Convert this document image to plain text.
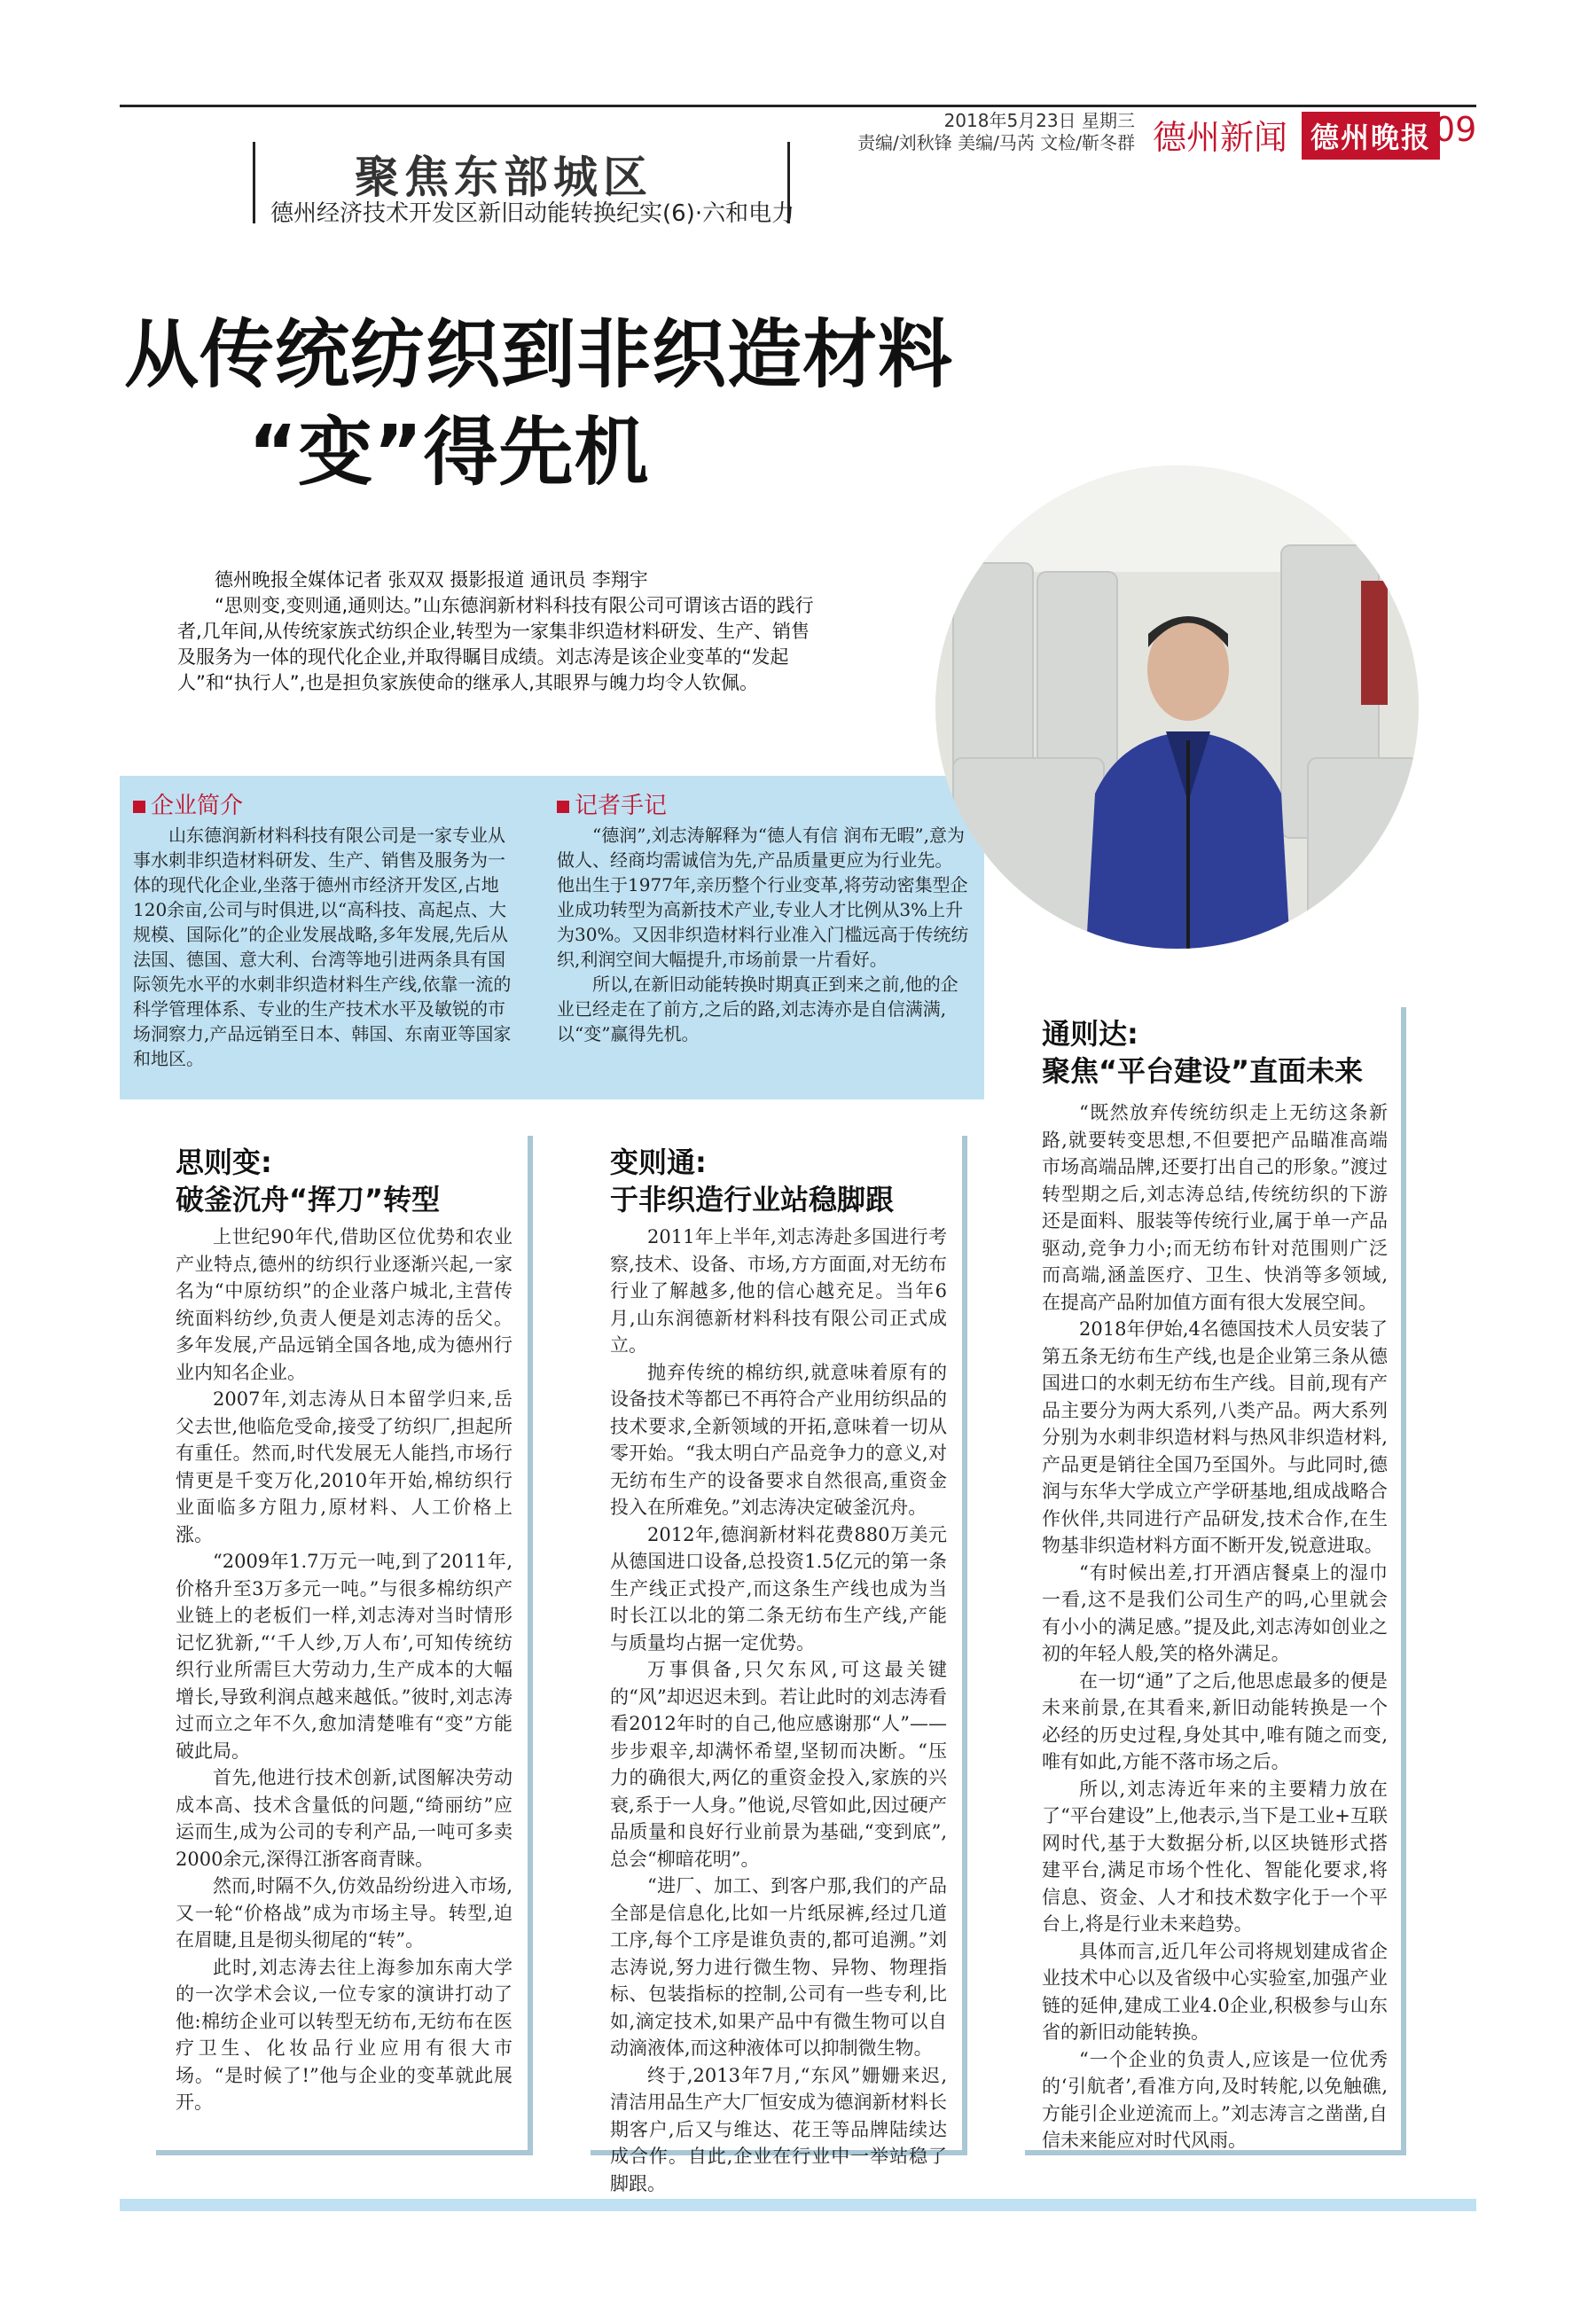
2018年5月23日 星期三
责编/刘秋锋 美编/马芮 文检/靳冬群 德州新闻 德州晚报 09
聚焦东部城区
德州经济技术开发区新旧动能转换纪实(6)·六和电力
从传统纺织到非织造材料
“变”得先机

德州晚报全媒体记者 张双双 摄影报道 通讯员 李翔宇

“思则变,变则通,通则达。”山东德润新材料科技有限公司可谓该古语的践行者,几年间,从传统家族式纺织企业,转型为一家集非织造材料研发、生产、销售及服务为一体的现代化企业,并取得瞩目成绩。刘志涛是该企业变革的“发起人”和“执行人”,也是担负家族使命的继承人,其眼界与魄力均令人钦佩。

企业简介

山东德润新材料科技有限公司是一家专业从事水刺非织造材料研发、生产、销售及服务为一体的现代化企业,坐落于德州市经济开发区,占地120余亩,公司与时俱进,以“高科技、高起点、大规模、国际化”的企业发展战略,多年发展,先后从法国、德国、意大利、台湾等地引进两条具有国际领先水平的水刺非织造材料生产线,依靠一流的科学管理体系、专业的生产技术水平及敏锐的市场洞察力,产品远销至日本、韩国、东南亚等国家和地区。

记者手记

“德润”,刘志涛解释为“德人有信 润布无暇”,意为做人、经商均需诚信为先,产品质量更应为行业先。他出生于1977年,亲历整个行业变革,将劳动密集型企业成功转型为高新技术产业,专业人才比例从3%上升为30%。又因非织造材料行业准入门槛远高于传统纺织,利润空间大幅提升,市场前景一片看好。

所以,在新旧动能转换时期真正到来之前,他的企业已经走在了前方,之后的路,刘志涛亦是自信满满,以“变”赢得先机。

思则变:
破釜沉舟“挥刀”转型

上世纪90年代,借助区位优势和农业产业特点,德州的纺织行业逐渐兴起,一家名为“中原纺织”的企业落户城北,主营传统面料纺纱,负责人便是刘志涛的岳父。多年发展,产品远销全国各地,成为德州行业内知名企业。

2007年,刘志涛从日本留学归来,岳父去世,他临危受命,接受了纺织厂,担起所有重任。然而,时代发展无人能挡,市场行情更是千变万化,2010年开始,棉纺织行业面临多方阻力,原材料、人工价格上涨。

“2009年1.7万元一吨,到了2011年,价格升至3万多元一吨。”与很多棉纺织产业链上的老板们一样,刘志涛对当时情形记忆犹新,“‘千人纱,万人布’,可知传统纺织行业所需巨大劳动力,生产成本的大幅增长,导致利润点越来越低。”彼时,刘志涛过而立之年不久,愈加清楚唯有“变”方能破此局。

首先,他进行技术创新,试图解决劳动成本高、技术含量低的问题,“绮丽纺”应运而生,成为公司的专利产品,一吨可多卖2000余元,深得江浙客商青睐。

然而,时隔不久,仿效品纷纷进入市场,又一轮“价格战”成为市场主导。转型,迫在眉睫,且是彻头彻尾的“转”。

此时,刘志涛去往上海参加东南大学的一次学术会议,一位专家的演讲打动了他:棉纺企业可以转型无纺布,无纺布在医疗卫生、化妆品行业应用有很大市场。“是时候了!”他与企业的变革就此展开。

变则通:
于非织造行业站稳脚跟

2011年上半年,刘志涛赴多国进行考察,技术、设备、市场,方方面面,对无纺布行业了解越多,他的信心越充足。当年6月,山东润德新材料科技有限公司正式成立。

抛弃传统的棉纺织,就意味着原有的设备技术等都已不再符合产业用纺织品的技术要求,全新领域的开拓,意味着一切从零开始。“我太明白产品竞争力的意义,对无纺布生产的设备要求自然很高,重资金投入在所难免。”刘志涛决定破釜沉舟。

2012年,德润新材料花费880万美元从德国进口设备,总投资1.5亿元的第一条生产线正式投产,而这条生产线也成为当时长江以北的第二条无纺布生产线,产能与质量均占据一定优势。

万事俱备,只欠东风,可这最关键的“风”却迟迟未到。若让此时的刘志涛看看2012年时的自己,他应感谢那“人”——步步艰辛,却满怀希望,坚韧而决断。“压力的确很大,两亿的重资金投入,家族的兴衰,系于一人身。”他说,尽管如此,因过硬产品质量和良好行业前景为基础,“变到底”,总会“柳暗花明”。

“进厂、加工、到客户那,我们的产品全部是信息化,比如一片纸尿裤,经过几道工序,每个工序是谁负责的,都可追溯。”刘志涛说,努力进行微生物、异物、物理指标、包装指标的控制,公司有一些专利,比如,滴定技术,如果产品中有微生物可以自动滴液体,而这种液体可以抑制微生物。

终于,2013年7月,“东风”姗姗来迟,清洁用品生产大厂恒安成为德润新材料长期客户,后又与维达、花王等品牌陆续达成合作。自此,企业在行业中一举站稳了脚跟。

通则达:
聚焦“平台建设”直面未来

“既然放弃传统纺织走上无纺这条新路,就要转变思想,不但要把产品瞄准高端市场高端品牌,还要打出自己的形象。”渡过转型期之后,刘志涛总结,传统纺织的下游还是面料、服装等传统行业,属于单一产品驱动,竞争力小;而无纺布针对范围则广泛而高端,涵盖医疗、卫生、快消等多领域,在提高产品附加值方面有很大发展空间。

2018年伊始,4名德国技术人员安装了第五条无纺布生产线,也是企业第三条从德国进口的水刺无纺布生产线。目前,现有产品主要分为两大系列,八类产品。两大系列分别为水刺非织造材料与热风非织造材料,产品更是销往全国乃至国外。与此同时,德润与东华大学成立产学研基地,组成战略合作伙伴,共同进行产品研发,技术合作,在生物基非织造材料方面不断开发,锐意进取。

“有时候出差,打开酒店餐桌上的湿巾一看,这不是我们公司生产的吗,心里就会有小小的满足感。”提及此,刘志涛如创业之初的年轻人般,笑的格外满足。

在一切“通”了之后,他思虑最多的便是未来前景,在其看来,新旧动能转换是一个必经的历史过程,身处其中,唯有随之而变,唯有如此,方能不落市场之后。

所以,刘志涛近年来的主要精力放在了“平台建设”上,他表示,当下是工业+互联网时代,基于大数据分析,以区块链形式搭建平台,满足市场个性化、智能化要求,将信息、资金、人才和技术数字化于一个平台上,将是行业未来趋势。

具体而言,近几年公司将规划建成省企业技术中心以及省级中心实验室,加强产业链的延伸,建成工业4.0企业,积极参与山东省的新旧动能转换。

“一个企业的负责人,应该是一位优秀的‘引航者’,看准方向,及时转舵,以免触礁,方能引企业逆流而上。”刘志涛言之凿凿,自信未来能应对时代风雨。
